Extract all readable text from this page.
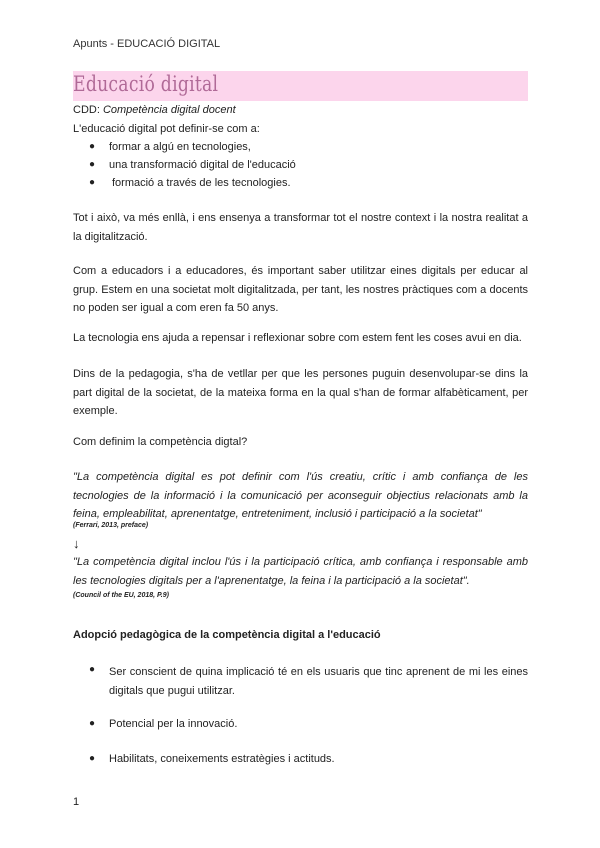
Apunts - EDUCACIÓ DIGITAL
Educació digital
CDD: Competència digital docent
L'educació digital pot definir-se com a:
● formar a algú en tecnologies,
● una transformació digital de l'educació
● formació a través de les tecnologies.
Tot i això, va més enllà, i ens ensenya a transformar tot el nostre context i la nostra realitat a la digitalització.
Com a educadors i a educadores, és important saber utilitzar eines digitals per educar al grup. Estem en una societat molt digitalitzada, per tant, les nostres pràctiques com a docents no poden ser igual a com eren fa 50 anys.
La tecnologia ens ajuda a repensar i reflexionar sobre com estem fent les coses avui en dia.
Dins de la pedagogia, s'ha de vetllar per que les persones puguin desenvolupar-se dins la part digital de la societat, de la mateixa forma en la qual s'han de formar alfabèticament, per exemple.
Com definim la competència digtal?
"La competència digital es pot definir com l'ús creatiu, crític i amb confiança de les tecnologies de la informació i la comunicació per aconseguir objectius relacionats amb la feina, empleabilitat, aprenentatge, entreteniment, inclusió i participació a la societat"
(Ferrari, 2013, preface)
↓
"La competència digital inclou l'ús i la participació crítica, amb confiança i responsable amb les tecnologies digitals per a l'aprenentatge, la feina i la participació a la societat".
(Council of the EU, 2018, P.9)
Adopció pedagògica de la competència digital a l'educació
● Ser conscient de quina implicació té en els usuaris que tinc aprenent de mi les eines digitals que pugui utilitzar.
● Potencial per la innovació.
● Habilitats, coneixements estratègies i actituds.
1
